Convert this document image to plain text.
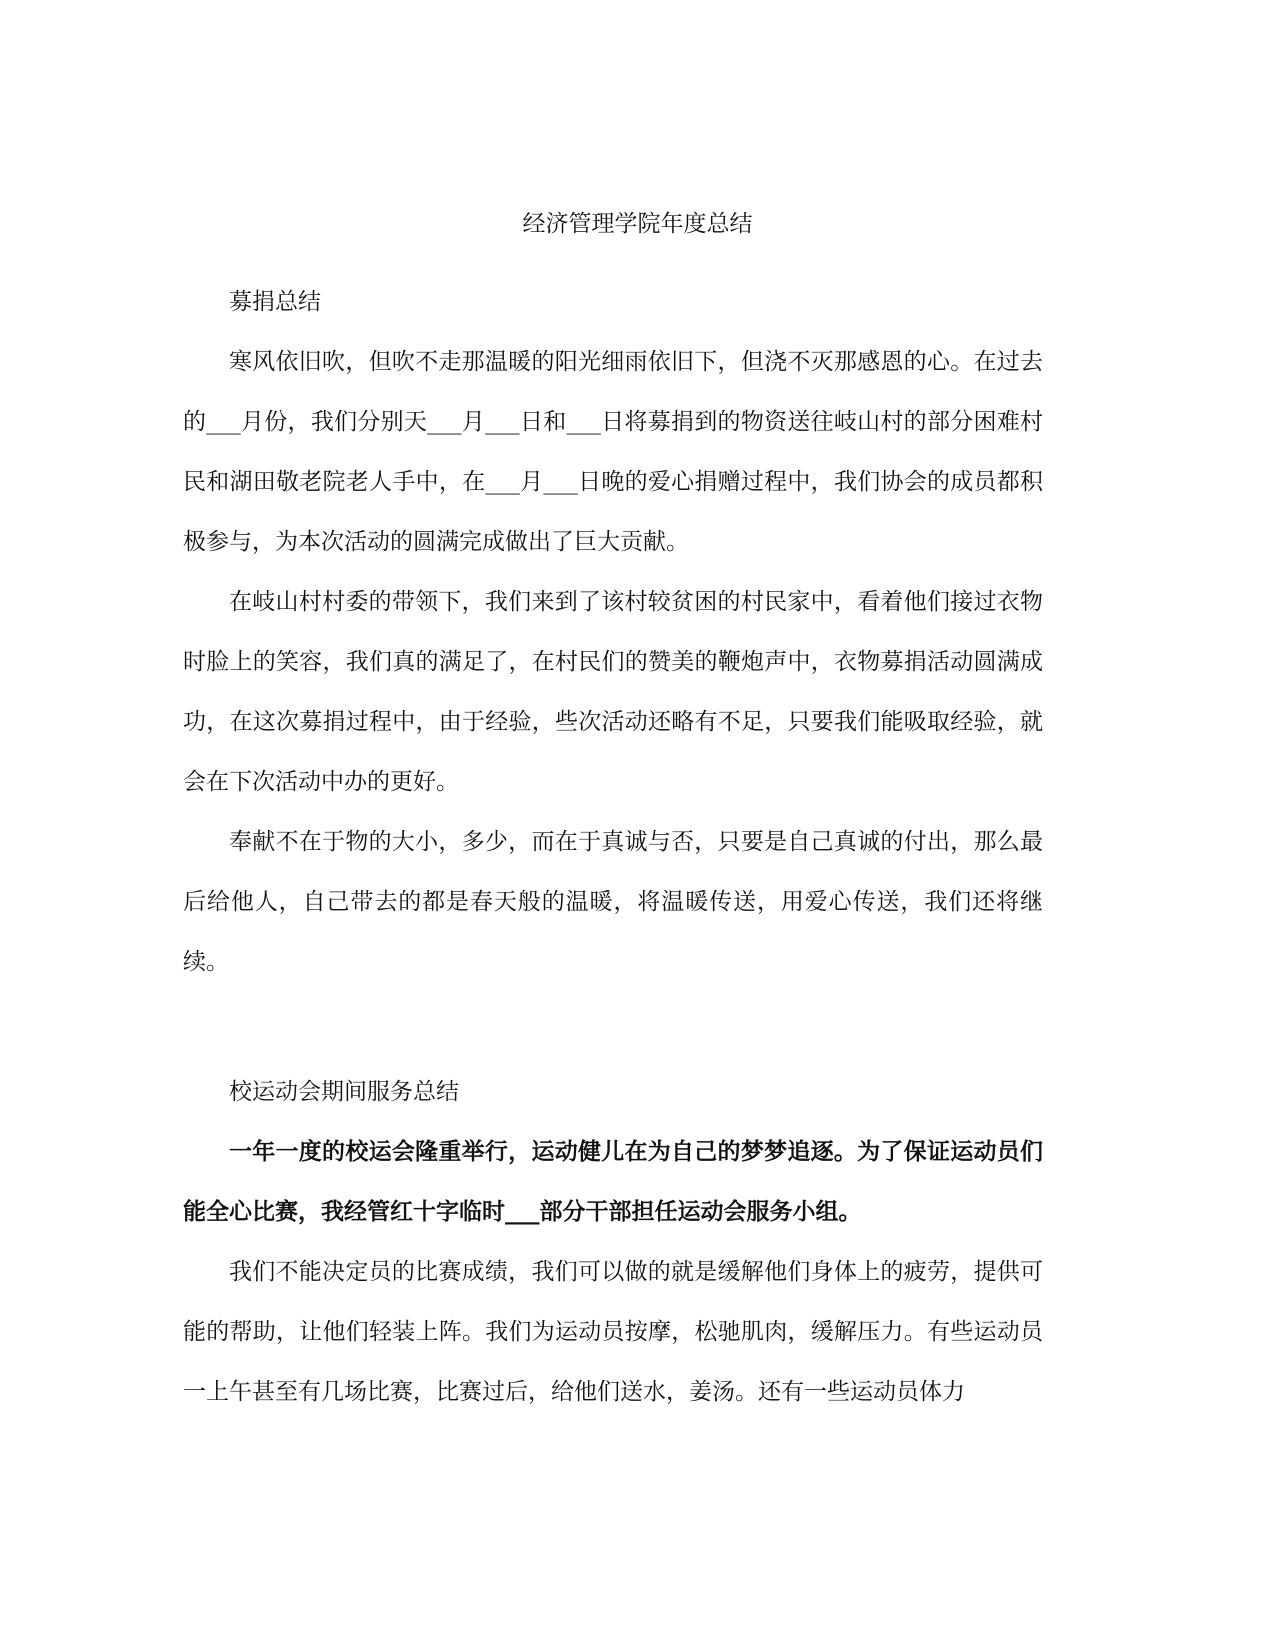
经济管理学院年度总结

募捐总结

寒风依旧吹，但吹不走那温暖的阳光细雨依旧下，但浇不灭那感恩的心。在过去的___月份，我们分别天___月___日和___日将募捐到的物资送往岐山村的部分困难村民和湖田敬老院老人手中，在___月___日晚的爱心捐赠过程中，我们协会的成员都积极参与，为本次活动的圆满完成做出了巨大贡献。

在岐山村村委的带领下，我们来到了该村较贫困的村民家中，看着他们接过衣物时脸上的笑容，我们真的满足了，在村民们的赞美的鞭炮声中，衣物募捐活动圆满成功，在这次募捐过程中，由于经验，些次活动还略有不足，只要我们能吸取经验，就会在下次活动中办的更好。

奉献不在于物的大小，多少，而在于真诚与否，只要是自己真诚的付出，那么最后给他人，自己带去的都是春天般的温暖，将温暖传送，用爱心传送，我们还将继续。

校运动会期间服务总结

一年一度的校运会隆重举行，运动健儿在为自己的梦梦追逐。为了保证运动员们能全心比赛，我经管红十字临时___部分干部担任运动会服务小组。

我们不能决定员的比赛成绩，我们可以做的就是缓解他们身体上的疲劳，提供可能的帮助，让他们轻装上阵。我们为运动员按摩，松驰肌肉，缓解压力。有些运动员一上午甚至有几场比赛，比赛过后，给他们送水，姜汤。还有一些运动员体力
